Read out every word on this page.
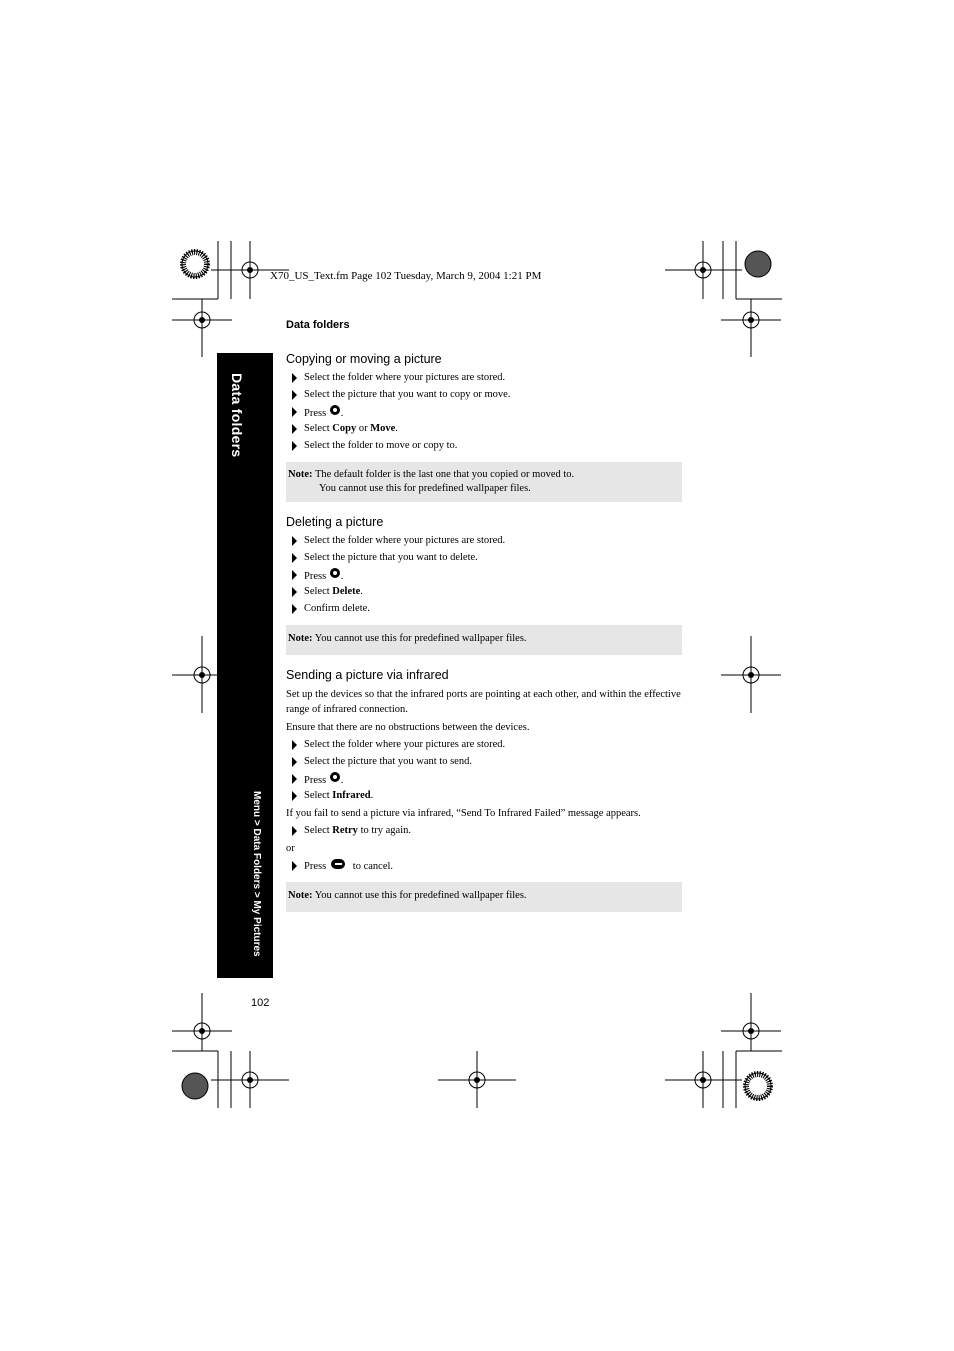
X70_US_Text.fm Page 102 Tuesday, March 9, 2004 1:21 PM
Data folders
Data folders
Menu > Data Folders > My Pictures
Copying or moving a picture
Select the folder where your pictures are stored.
Select the picture that you want to copy or move.
Press .
Select Copy or Move.
Select the folder to move or copy to.
Note: The default folder is the last one that you copied or moved to.
You cannot use this for predefined wallpaper files.
Deleting a picture
Select the folder where your pictures are stored.
Select the picture that you want to delete.
Press .
Select Delete.
Confirm delete.
Note: You cannot use this for predefined wallpaper files.
Sending a picture via infrared

Set up the devices so that the infrared ports are pointing at each other, and within the effective range of infrared connection.

Ensure that there are no obstructions between the devices.

Select the folder where your pictures are stored.
Select the picture that you want to send.
Press .
Select Infrared.

If you fail to send a picture via infrared, “Send To Infrared Failed” message appears.

Select Retry to try again.

or

Press	to cancel.
Note: You cannot use this for predefined wallpaper files.
102
